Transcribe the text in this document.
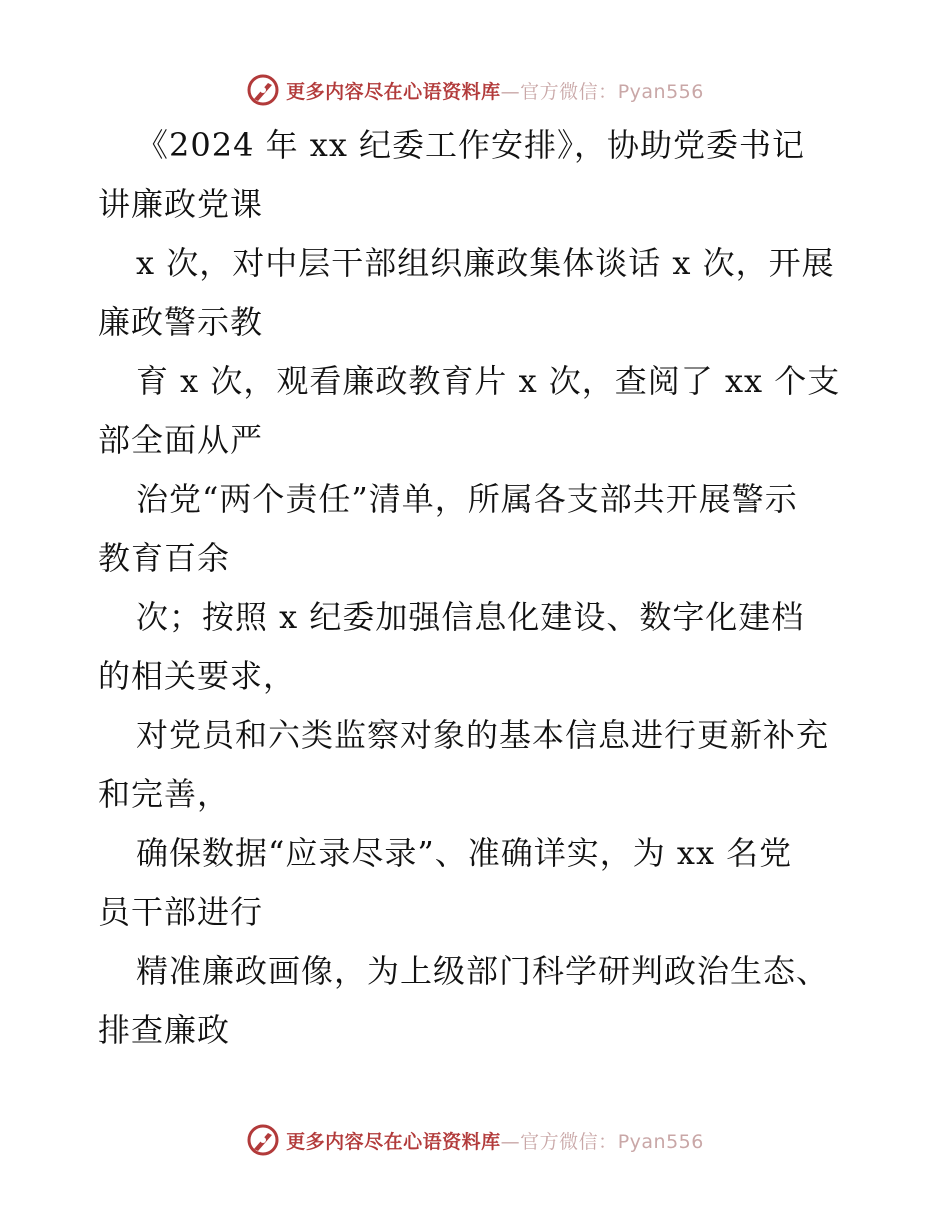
更多内容尽在心语资料库—官方微信：Pyan556
《2024 年 xx 纪委工作安排》，协助党委书记
讲廉政党课
x 次，对中层干部组织廉政集体谈话 x 次，开展
廉政警示教
育 x 次，观看廉政教育片 x 次，查阅了 xx 个支
部全面从严
治党“两个责任”清单，所属各支部共开展警示
教育百余
次；按照 x 纪委加强信息化建设、数字化建档
的相关要求，
对党员和六类监察对象的基本信息进行更新补充
和完善，
确保数据“应录尽录”、准确详实，为 xx 名党
员干部进行
精准廉政画像，为上级部门科学研判政治生态、
排查廉政
更多内容尽在心语资料库—官方微信：Pyan556
